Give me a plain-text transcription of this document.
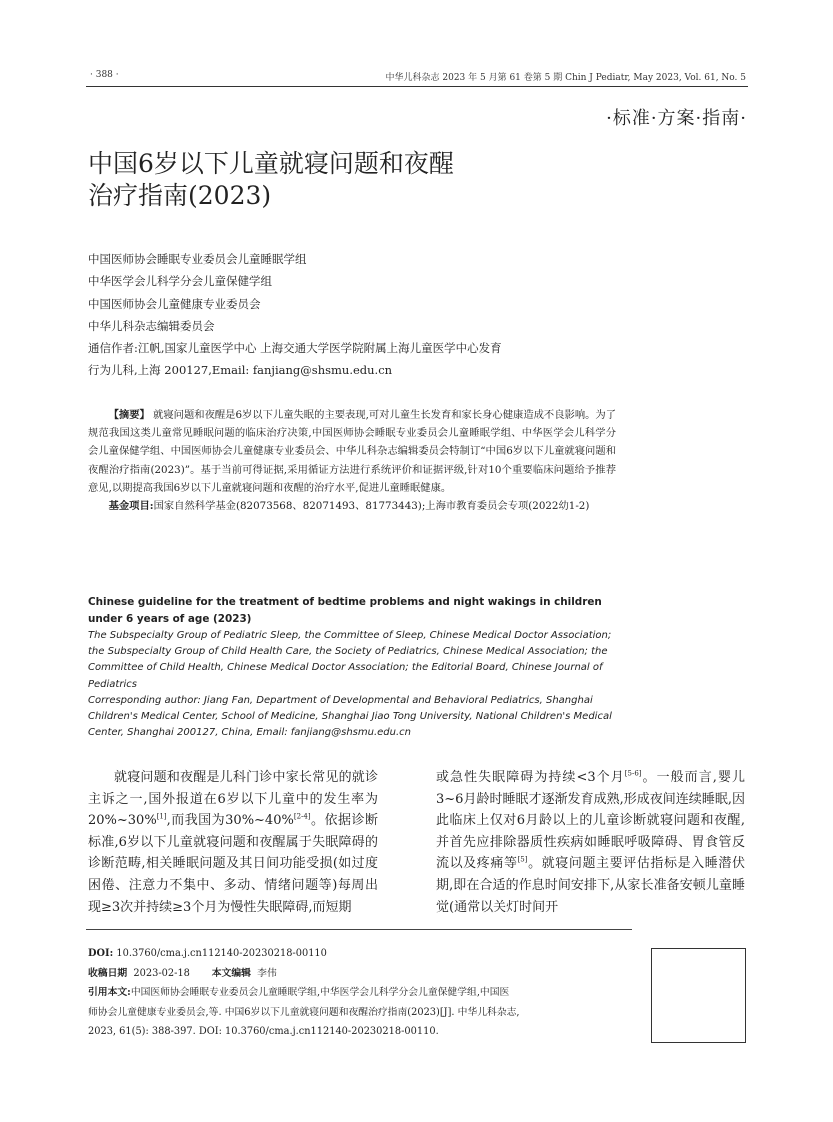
· 388 ·	中华儿科杂志 2023 年 5 月第 61 卷第 5 期 Chin J Pediatr, May 2023, Vol. 61, No. 5
·标准·方案·指南·
中国6岁以下儿童就寝问题和夜醒
治疗指南(2023)
中国医师协会睡眠专业委员会儿童睡眠学组
中华医学会儿科学分会儿童保健学组
中国医师协会儿童健康专业委员会
中华儿科杂志编辑委员会
通信作者:江帆,国家儿童医学中心 上海交通大学医学院附属上海儿童医学中心发育
行为儿科,上海 200127,Email: fanjiang@shsmu.edu.cn

【摘要】 就寝问题和夜醒是6岁以下儿童失眠的主要表现,可对儿童生长发育和家长身心健康造成不良影响。为了规范我国这类儿童常见睡眠问题的临床治疗决策,中国医师协会睡眠专业委员会儿童睡眠学组、中华医学会儿科学分会儿童保健学组、中国医师协会儿童健康专业委员会、中华儿科杂志编辑委员会特制订“中国6岁以下儿童就寝问题和夜醒治疗指南(2023)”。基于当前可得证据,采用循证方法进行系统评价和证据评级,针对10个重要临床问题给予推荐意见,以期提高我国6岁以下儿童就寝问题和夜醒的治疗水平,促进儿童睡眠健康。

基金项目:国家自然科学基金(82073568、82071493、81773443);上海市教育委员会专项(2022幼1-2)

Chinese guideline for the treatment of bedtime problems and night wakings in children under 6 years of age (2023)

The Subspecialty Group of Pediatric Sleep, the Committee of Sleep, Chinese Medical Doctor Association; the Subspecialty Group of Child Health Care, the Society of Pediatrics, Chinese Medical Association; the Committee of Child Health, Chinese Medical Doctor Association; the Editorial Board, Chinese Journal of Pediatrics

Corresponding author: Jiang Fan, Department of Developmental and Behavioral Pediatrics, Shanghai Children's Medical Center, School of Medicine, Shanghai Jiao Tong University, National Children's Medical Center, Shanghai 200127, China, Email: fanjiang@shsmu.edu.cn

就寝问题和夜醒是儿科门诊中家长常见的就诊主诉之一,国外报道在6岁以下儿童中的发生率为20%~30%[1],而我国为30%~40%[2-4]。依据诊断标准,6岁以下儿童就寝问题和夜醒属于失眠障碍的诊断范畴,相关睡眠问题及其日间功能受损(如过度困倦、注意力不集中、多动、情绪问题等)每周出现≥3次并持续≥3个月为慢性失眠障碍,而短期

或急性失眠障碍为持续<3个月[5-6]。一般而言,婴儿3~6月龄时睡眠才逐渐发育成熟,形成夜间连续睡眠,因此临床上仅对6月龄以上的儿童诊断就寝问题和夜醒,并首先应排除器质性疾病如睡眠呼吸障碍、胃食管反流以及疼痛等[5]。就寝问题主要评估指标是入睡潜伏期,即在合适的作息时间安排下,从家长准备安顿儿童睡觉(通常以关灯时间开

DOI: 10.3760/cma.j.cn112140-20230218-00110
收稿日期 2023-02-18 本文编辑 李伟
引用本文:中国医师协会睡眠专业委员会儿童睡眠学组,中华医学会儿科学分会儿童保健学组,中国医
师协会儿童健康专业委员会,等. 中国6岁以下儿童就寝问题和夜醒治疗指南(2023)[J]. 中华儿科杂志,
2023, 61(5): 388-397. DOI: 10.3760/cma.j.cn112140-20230218-00110.
